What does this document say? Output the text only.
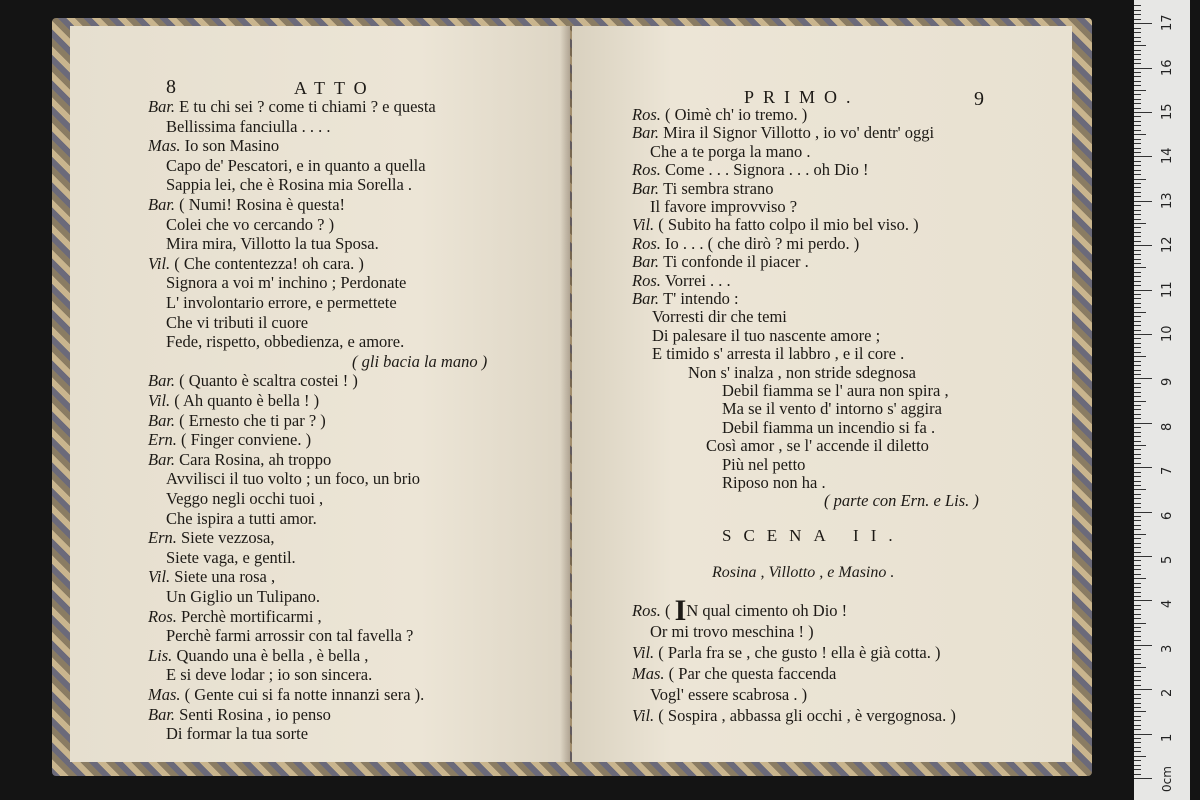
8	ATTO
Bar. E tu chi sei ? come ti chiami ? e questa
Bellissima fanciulla . . . .
Mas. Io son Masino
Capo de' Pescatori, e in quanto a quella
Sappia lei, che è Rosina mia Sorella .
Bar. ( Numi! Rosina è questa!
Colei che vo cercando ? )
Mira mira, Villotto la tua Sposa.
Vil. ( Che contentezza! oh cara. )
Signora a voi m' inchino ; Perdonate
L' involontario errore, e permettete
Che vi tributi il cuore
Fede, rispetto, obbedienza, e amore.
( gli bacia la mano )
Bar. ( Quanto è scaltra costei ! )
Vil. ( Ah quanto è bella ! )
Bar. ( Ernesto che ti par ? )
Ern. ( Finger conviene. )
Bar. Cara Rosina, ah troppo
Avvilisci il tuo volto ; un foco, un brio
Veggo negli occhi tuoi ,
Che ispira a tutti amor.
Ern. Siete vezzosa,
Siete vaga, e gentil.
Vil. Siete una rosa ,
Un Giglio un Tulipano.
Ros. Perchè mortificarmi ,
Perchè farmi arrossir con tal favella ?
Lis. Quando una è bella , è bella ,
E si deve lodar ; io son sincera.
Mas. ( Gente cui si fa notte innanzi sera ).
Bar. Senti Rosina , io penso
Di formar la tua sorte
PRIMO.	9
Ros. ( Oimè ch' io tremo. )
Bar. Mira il Signor Villotto , io vo' dentr' oggi
Che a te porga la mano .
Ros. Come . . . Signora . . . oh Dio !
Bar. Ti sembra strano
Il favore improvviso ?
Vil. ( Subito ha fatto colpo il mio bel viso. )
Ros. Io . . . ( che dirò ? mi perdo. )
Bar. Ti confonde il piacer .
Ros. Vorrei . . .
Bar. T' intendo :
Vorresti dir che temi
Di palesare il tuo nascente amore ;
E timido s' arresta il labbro , e il core .
Non s' inalza , non stride sdegnosa
Debil fiamma se l' aura non spira ,
Ma se il vento d' intorno s' aggira
Debil fiamma un incendio si fa .
Così amor , se l' accende il diletto
Più nel petto
Riposo non ha .
( parte con Ern. e Lis. )
SCENA II.
Rosina , Villotto , e Masino .
Ros. ( IN qual cimento oh Dio !
Or mi trovo meschina ! )
Vil. ( Parla fra se , che gusto ! ella è già cotta. )
Mas. ( Par che questa faccenda
Vogl' essere scabrosa . )
Vil. ( Sospira , abbassa gli occhi , è vergognosa. )
0cm
1
2
3
4
5
6
7
8
9
10
11
12
13
14
15
16
17
